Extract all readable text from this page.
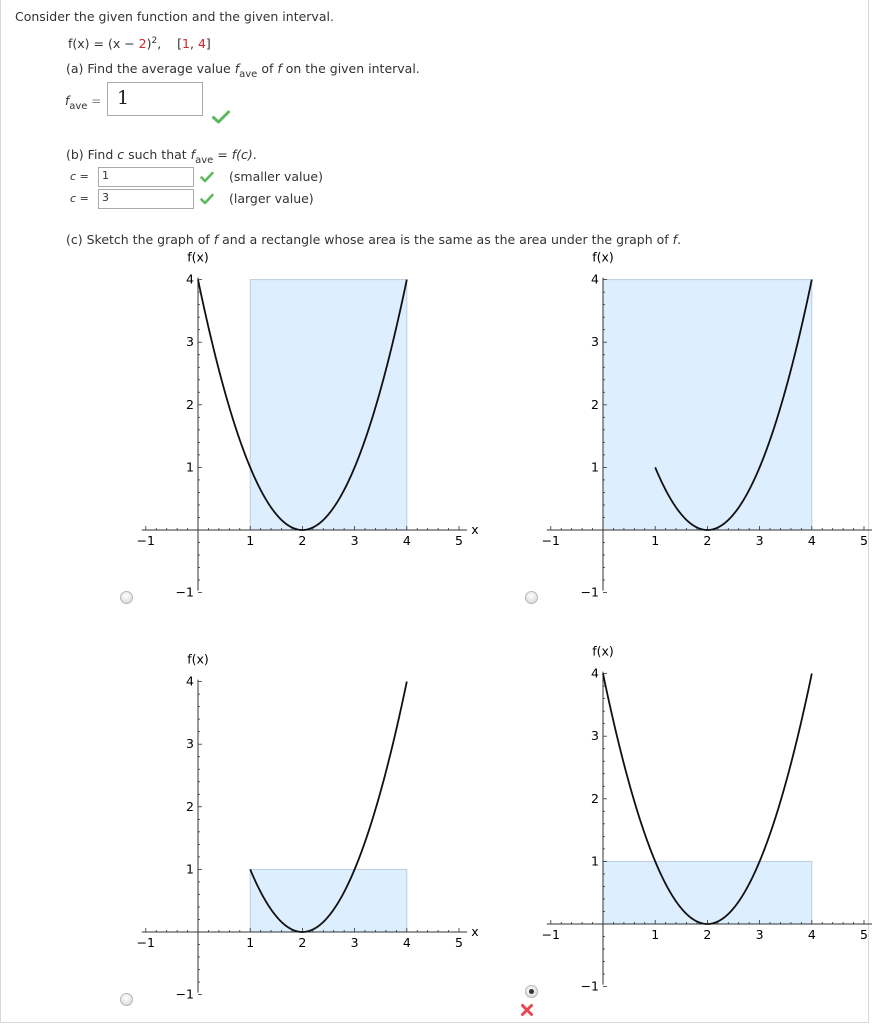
Consider the given function and the given interval.
$f(x) = (x - 2)^2$, [1, 4]
(a) Find the average value $f_{ave}$ of f on the given interval.
$f_{ave} = 1$
(b) Find c such that $f_{ave} = f(c)$.
c =	1	(smaller value)
c =	3	(larger value)
(c) Sketch the graph of f and a rectangle whose area is the same as the area under the graph of f.
−1	1	2	3	4	5
−1
1
2
3
4
f(x)
x
−1	1	2	3	4	5
−1
1
2
3
4
f(x)
−1	1	2	3	4	5
−1
1
2
3
4
f(x)
x	−1	1	2	3	4	5
−1
1
2
3
4
f(x)
